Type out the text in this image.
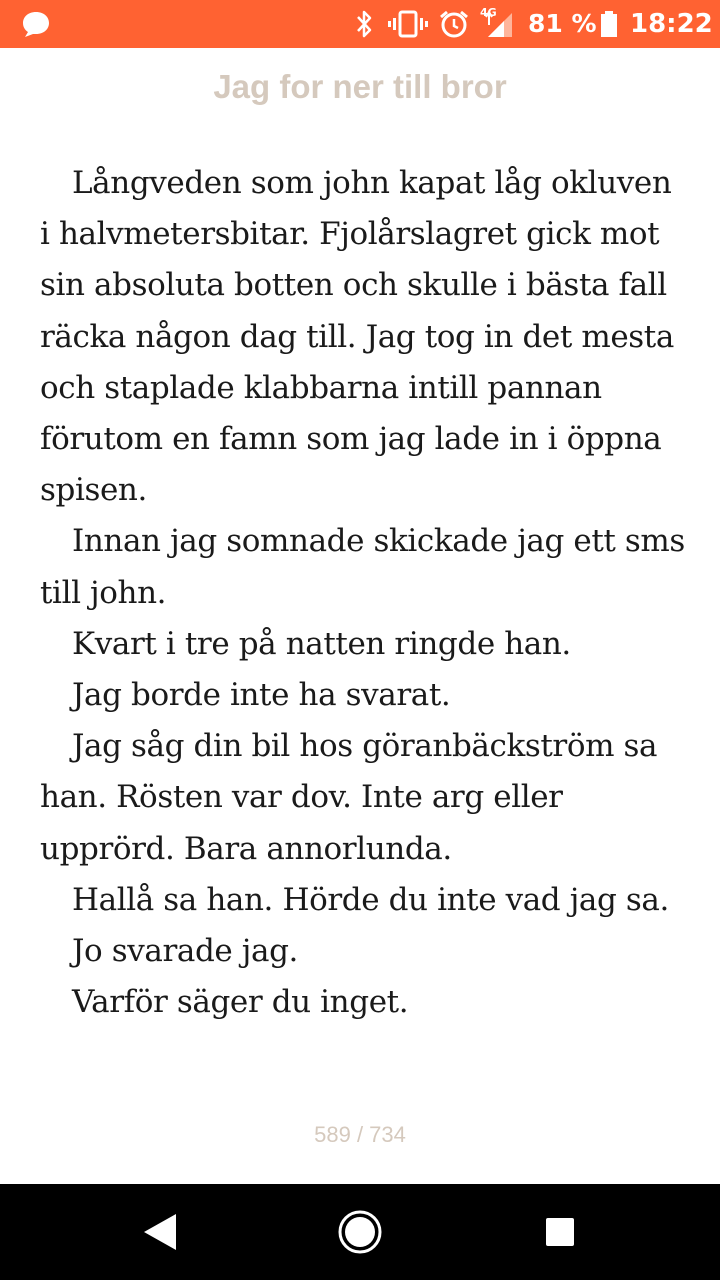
4G 81 % 18:22
Jag for ner till bror

Långveden som john kapat låg okluven i halvmetersbitar. Fjolårslagret gick mot sin absoluta botten och skulle i bästa fall räcka någon dag till. Jag tog in det mesta och staplade klabbarna intill pannan förutom en famn som jag lade in i öppna spisen.

Innan jag somnade skickade jag ett sms till john.

Kvart i tre på natten ringde han.

Jag borde inte ha svarat.

Jag såg din bil hos göranbäckström sa han. Rösten var dov. Inte arg eller upprörd. Bara annorlunda.

Hallå sa han. Hörde du inte vad jag sa.

Jo svarade jag.

Varför säger du inget.

589 / 734
